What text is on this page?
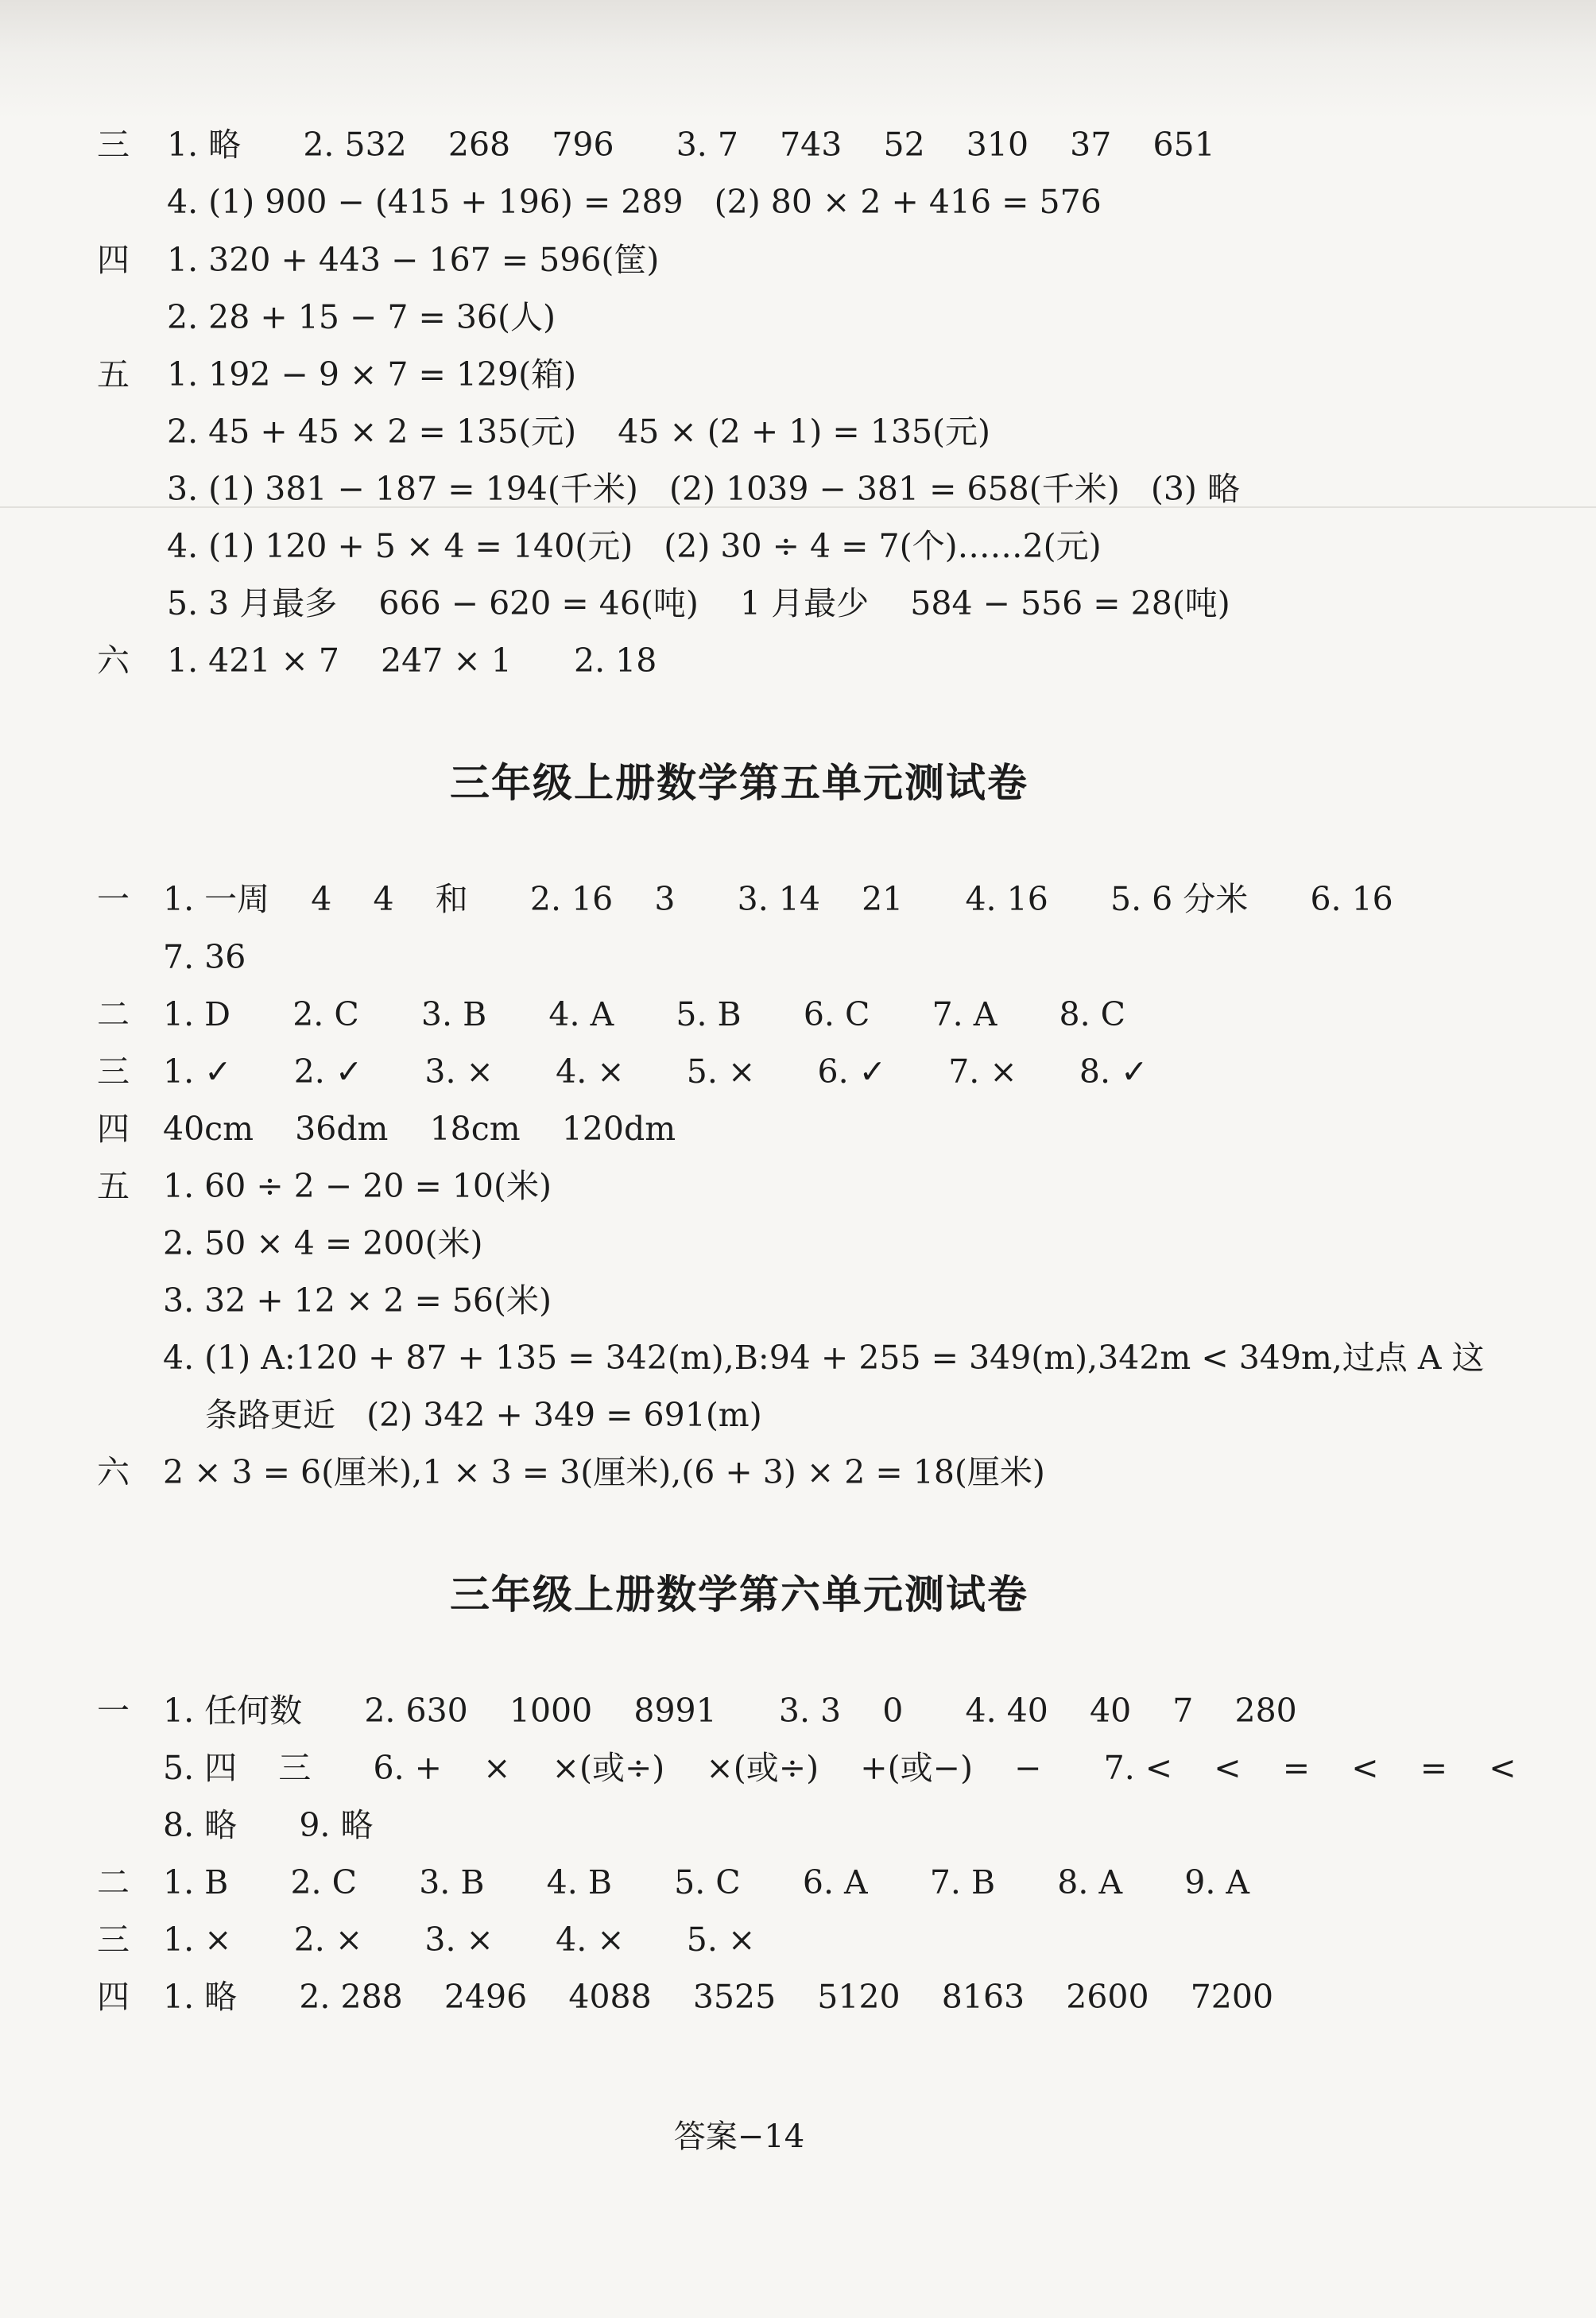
三 1. 略      2. 532    268    796      3. 7    743    52    310    37    651
4. (1) 900 − (415 + 196) = 289   (2) 80 × 2 + 416 = 576
四 1. 320 + 443 − 167 = 596(筐)
2. 28 + 15 − 7 = 36(人)
五 1. 192 − 9 × 7 = 129(箱)
2. 45 + 45 × 2 = 135(元)    45 × (2 + 1) = 135(元)
3. (1) 381 − 187 = 194(千米)   (2) 1039 − 381 = 658(千米)   (3) 略
4. (1) 120 + 5 × 4 = 140(元)   (2) 30 ÷ 4 = 7(个)……2(元)
5. 3 月最多    666 − 620 = 46(吨)    1 月最少    584 − 556 = 28(吨)
六 1. 421 × 7    247 × 1      2. 18
三年级上册数学第五单元测试卷
一 1. 一周    4    4    和      2. 16    3      3. 14    21      4. 16      5. 6 分米      6. 16
7. 36
二 1. D      2. C      3. B      4. A      5. B      6. C      7. A      8. C
三 1. ✓      2. ✓      3. ×      4. ×      5. ×      6. ✓      7. ×      8. ✓
四 40cm    36dm    18cm    120dm
五 1. 60 ÷ 2 − 20 = 10(米)
2. 50 × 4 = 200(米)
3. 32 + 12 × 2 = 56(米)
4. (1) A:120 + 87 + 135 = 342(m),B:94 + 255 = 349(m),342m < 349m,过点 A 这
条路更近   (2) 342 + 349 = 691(m)
六 2 × 3 = 6(厘米),1 × 3 = 3(厘米),(6 + 3) × 2 = 18(厘米)
三年级上册数学第六单元测试卷
一 1. 任何数      2. 630    1000    8991      3. 3    0      4. 40    40    7    280
5. 四    三      6. +    ×    ×(或÷)    ×(或÷)    +(或−)    −      7. <    <    =    <    =    <
8. 略      9. 略
二 1. B      2. C      3. B      4. B      5. C      6. A      7. B      8. A      9. A
三 1. ×      2. ×      3. ×      4. ×      5. ×
四 1. 略      2. 288    2496    4088    3525    5120    8163    2600    7200
答案−14
